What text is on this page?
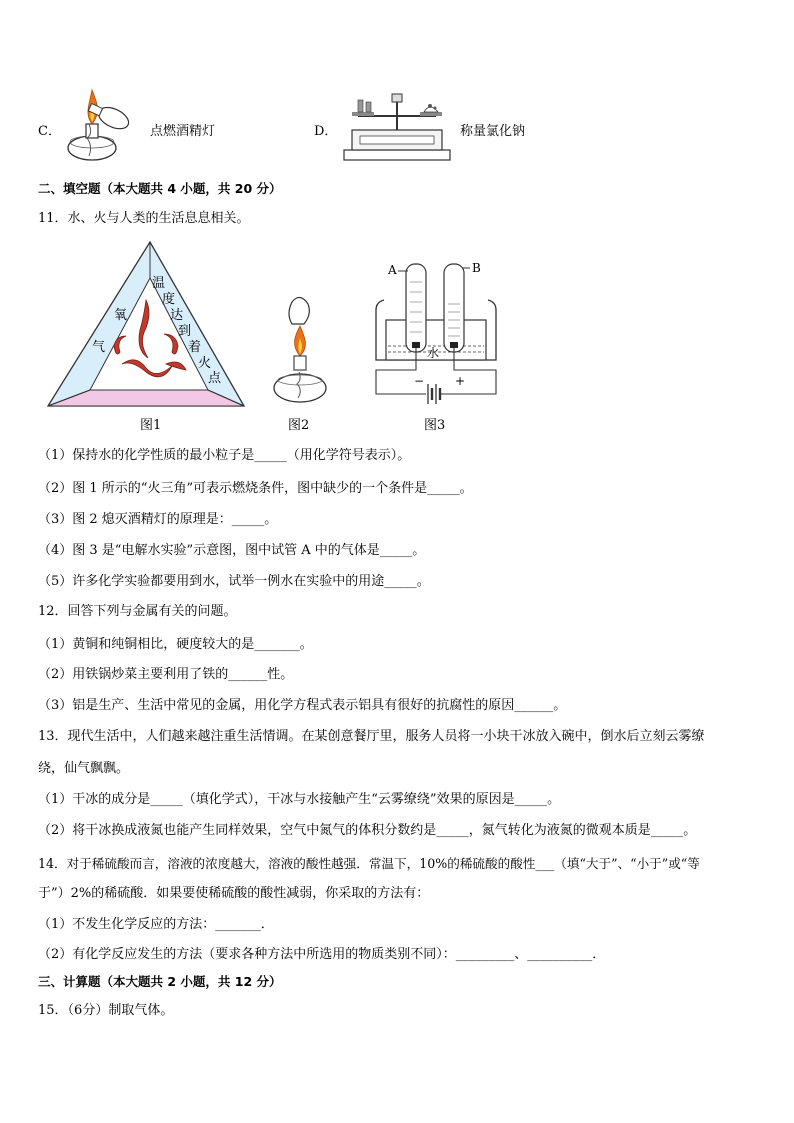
C．	点燃酒精灯	D．	称量氯化钠
二、填空题（本大题共 4 小题，共 20 分）
11．水、火与人类的生活息息相关。
氧
气
温
度
达
到
着
火
点
图1	图2
A	B
水
−	+
图3
（1）保持水的化学性质的最小粒子是_____（用化学符号表示）。
（2）图 1 所示的“火三角”可表示燃烧条件，图中缺少的一个条件是_____。
（3）图 2 熄灭酒精灯的原理是：_____。
（4）图 3 是“电解水实验”示意图，图中试管 A 中的气体是_____。
（5）许多化学实验都要用到水，试举一例水在实验中的用途_____。
12．回答下列与金属有关的问题。
（1）黄铜和纯铜相比，硬度较大的是_______。
（2）用铁锅炒菜主要利用了铁的______性。
（3）铝是生产、生活中常见的金属，用化学方程式表示铝具有很好的抗腐性的原因______。
13．现代生活中，人们越来越注重生活情调。在某创意餐厅里，服务人员将一小块干冰放入碗中，倒水后立刻云雾缭
绕，仙气飘飘。
（1）干冰的成分是_____（填化学式），干冰与水接触产生“云雾缭绕”效果的原因是_____。
（2）将干冰换成液氮也能产生同样效果，空气中氮气的体积分数约是_____，氮气转化为液氮的微观本质是_____。
14．对于稀硫酸而言，溶液的浓度越大，溶液的酸性越强．常温下，10%的稀硫酸的酸性___（填“大于”、“小于”或“等
于”）2%的稀硫酸．如果要使稀硫酸的酸性减弱，你采取的方法有：
（1）不发生化学反应的方法：_______．
（2）有化学反应发生的方法（要求各种方法中所选用的物质类别不同）：_________、__________．
三、计算题（本大题共 2 小题，共 12 分）
15．（6分）制取气体。
